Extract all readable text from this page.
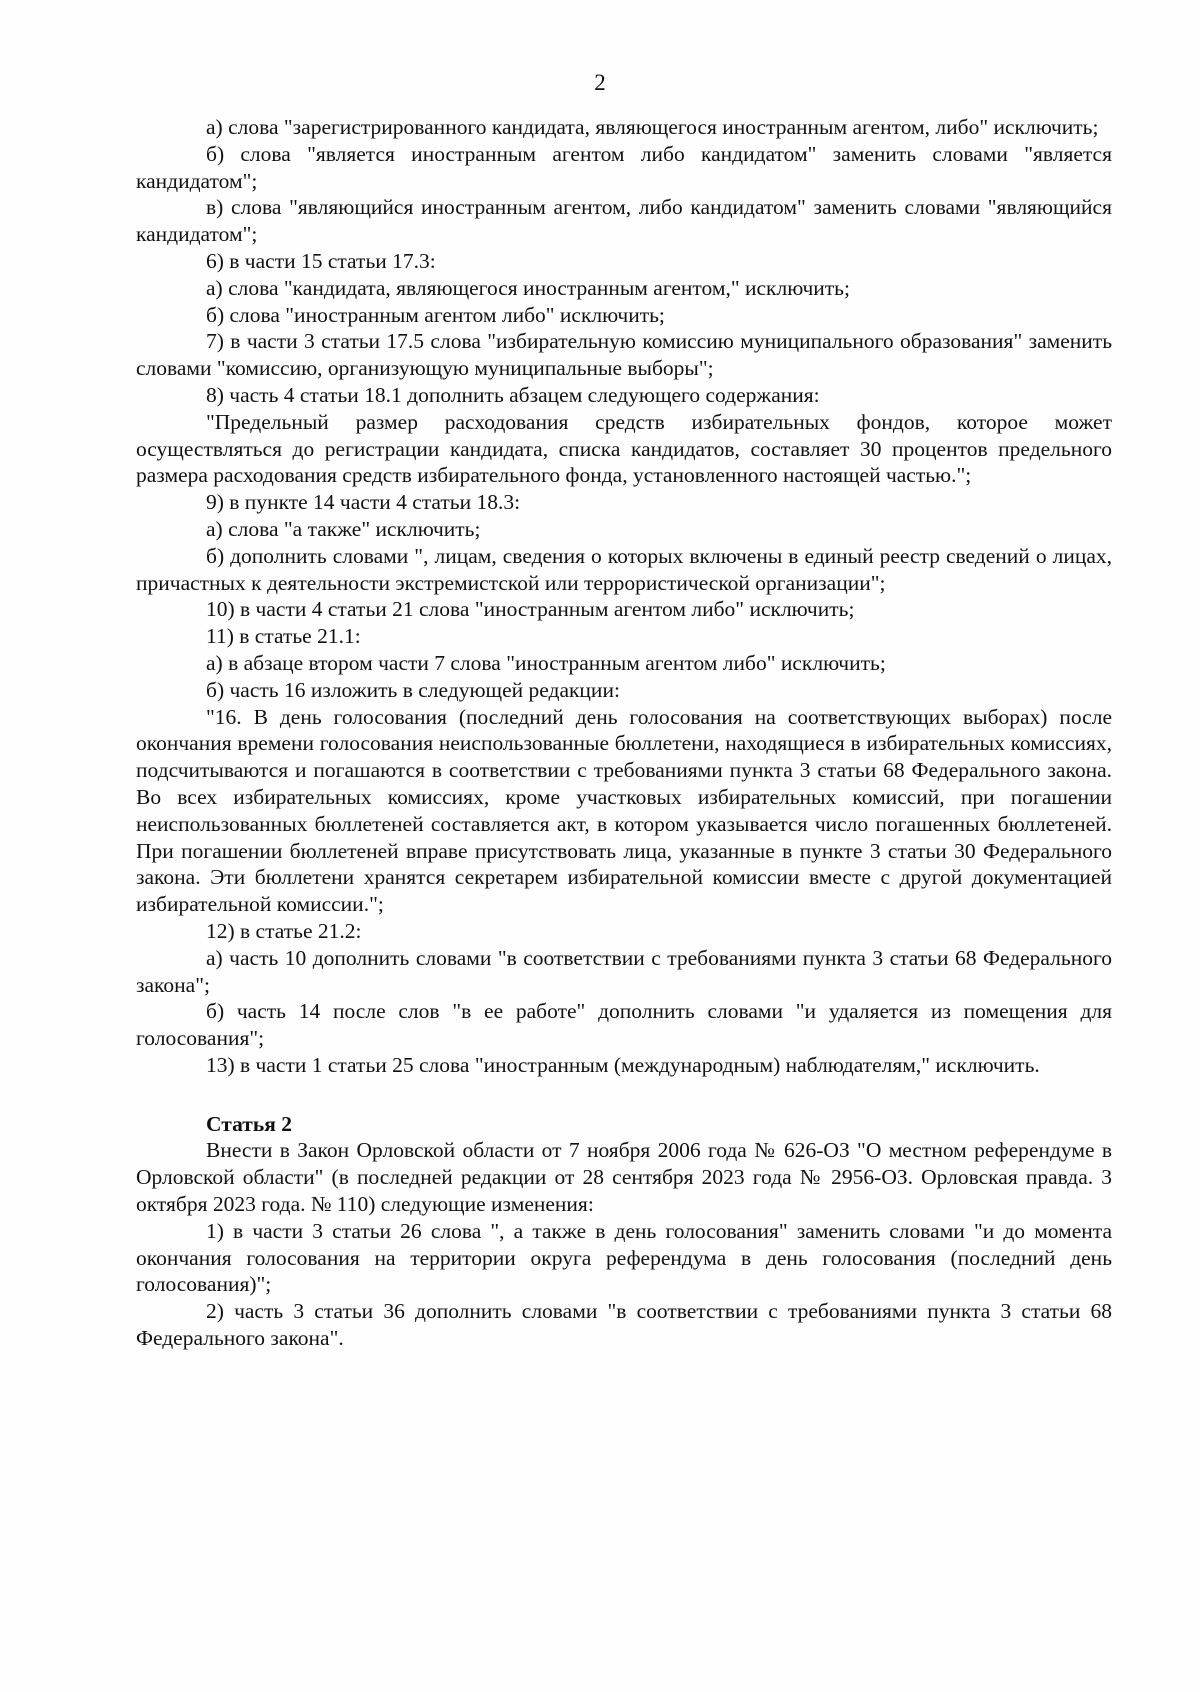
2

а) слова "зарегистрированного кандидата, являющегося иностранным агентом, либо" исключить;

б) слова "является иностранным агентом либо кандидатом" заменить словами "является кандидатом";

в) слова "являющийся иностранным агентом, либо кандидатом" заменить словами "являющийся кандидатом";

6) в части 15 статьи 17.3:

а) слова "кандидата, являющегося иностранным агентом," исключить;

б) слова "иностранным агентом либо" исключить;

7) в части 3 статьи 17.5 слова "избирательную комиссию муниципального образования" заменить словами "комиссию, организующую муниципальные выборы";

8) часть 4 статьи 18.1 дополнить абзацем следующего содержания:

"Предельный размер расходования средств избирательных фондов, которое может осуществляться до регистрации кандидата, списка кандидатов, составляет 30 процентов предельного размера расходования средств избирательного фонда, установленного настоящей частью.";

9) в пункте 14 части 4 статьи 18.3:

а) слова "а также" исключить;

б) дополнить словами ", лицам, сведения о которых включены в единый реестр сведений о лицах, причастных к деятельности экстремистской или террористической организации";

10) в части 4 статьи 21 слова "иностранным агентом либо" исключить;

11) в статье 21.1:

а) в абзаце втором части 7 слова "иностранным агентом либо" исключить;

б) часть 16 изложить в следующей редакции:

"16. В день голосования (последний день голосования на соответствующих выборах) после окончания времени голосования неиспользованные бюллетени, находящиеся в избирательных комиссиях, подсчитываются и погашаются в соответствии с требованиями пункта 3 статьи 68 Федерального закона. Во всех избирательных комиссиях, кроме участковых избирательных комиссий, при погашении неиспользованных бюллетеней составляется акт, в котором указывается число погашенных бюллетеней. При погашении бюллетеней вправе присутствовать лица, указанные в пункте 3 статьи 30 Федерального закона. Эти бюллетени хранятся секретарем избирательной комиссии вместе с другой документацией избирательной комиссии.";

12) в статье 21.2:

а) часть 10 дополнить словами "в соответствии с требованиями пункта 3 статьи 68 Федерального закона";

б) часть 14 после слов "в ее работе" дополнить словами "и удаляется из помещения для голосования";

13) в части 1 статьи 25 слова "иностранным (международным) наблюдателям," исключить.

Статья 2

Внести в Закон Орловской области от 7 ноября 2006 года № 626-ОЗ "О местном референдуме в Орловской области" (в последней редакции от 28 сентября 2023 года № 2956-ОЗ. Орловская правда. 3 октября 2023 года. № 110) следующие изменения:

1) в части 3 статьи 26 слова ", а также в день голосования" заменить словами "и до момента окончания голосования на территории округа референдума в день голосования (последний день голосования)";

2) часть 3 статьи 36 дополнить словами "в соответствии с требованиями пункта 3 статьи 68 Федерального закона".
